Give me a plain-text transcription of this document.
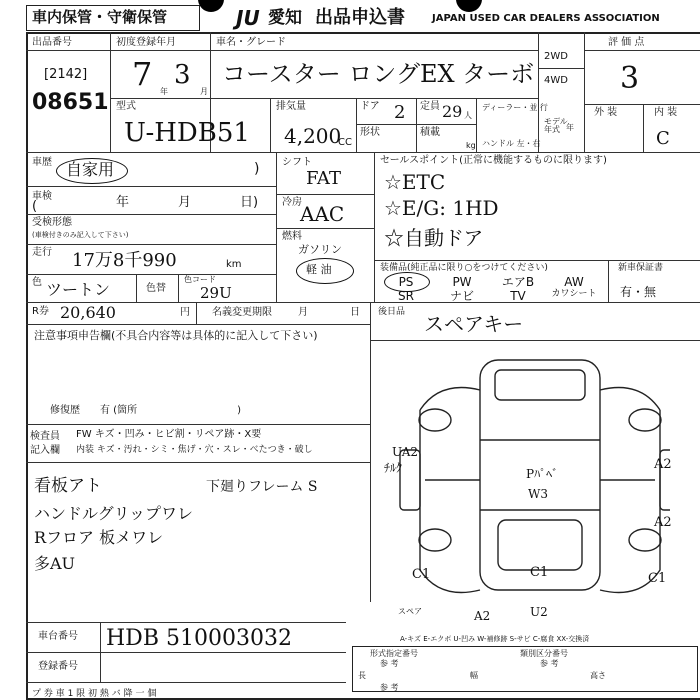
車内保管・守衛保管	JU 愛知 出品申込書	JAPAN USED CAR DEALERS ASSOCIATION
出品番号
[2142]
08651
初度登録年月
7 3
年	月
車名・グレード
コースター ロングEX ターボ
2WD
4WD
モデル
年式
評 価 点
3
外 装	内 装
C
型式
U-HDB51
排気量
4,200
CC
ドア 2 定員 29 人
形状	積載
kg
ディーラー・並 行
年
ハンドル 左・右
車歴 自家用	)
車検
(	年	月	日)
受検形態
(車検付きのみ記入して下さい)
走行 17万8千990	km
色 ツートン	色替
色コード
29U
シフト
FAT
冷房
AAC
燃料
ガソリン
軽 油
セールスポイント(正常に機能するものに限ります)
☆ETC
☆E/G: 1HD
☆自動ドア
装備品(純正品に限り○をつけてください)	新車保証書
有・無
PS	PW	エアB	AW
SR	ナビ	TV	カワシート
R券 20,640	円 名義変更期限	月	日 後日品 スペアキー
注意事項申告欄(不具合内容等は具体的に記入して下さい)
修復歴　　有 (箇所　　　　　　　　　　)
検査員
記入欄
FW キズ・凹み・ヒビ割・リペア跡・X要
内装 キズ・汚れ・シミ・焦げ・穴・スレ・べたつき・破し
看板アト	下廻りフレーム S
ハンドルグリップワレ
Rフロア 板メワレ
多AU
UA2
ﾁﾙｸ	A2
A2
Pﾊﾟﾍﾞ
W3
C1	C1	C1
スペア	A2	U2
A-キズ E-エクボ U-凹み W-補修跡 S-サビ C-腐食 XX-交換済
車台番号 HDB 510003032
登録番号
プ 券 車 1 限 初 熱 バ 降 一 個
形式指定番号	類別区分番号
参 考	参 考
長	幅	高さ
参 考
